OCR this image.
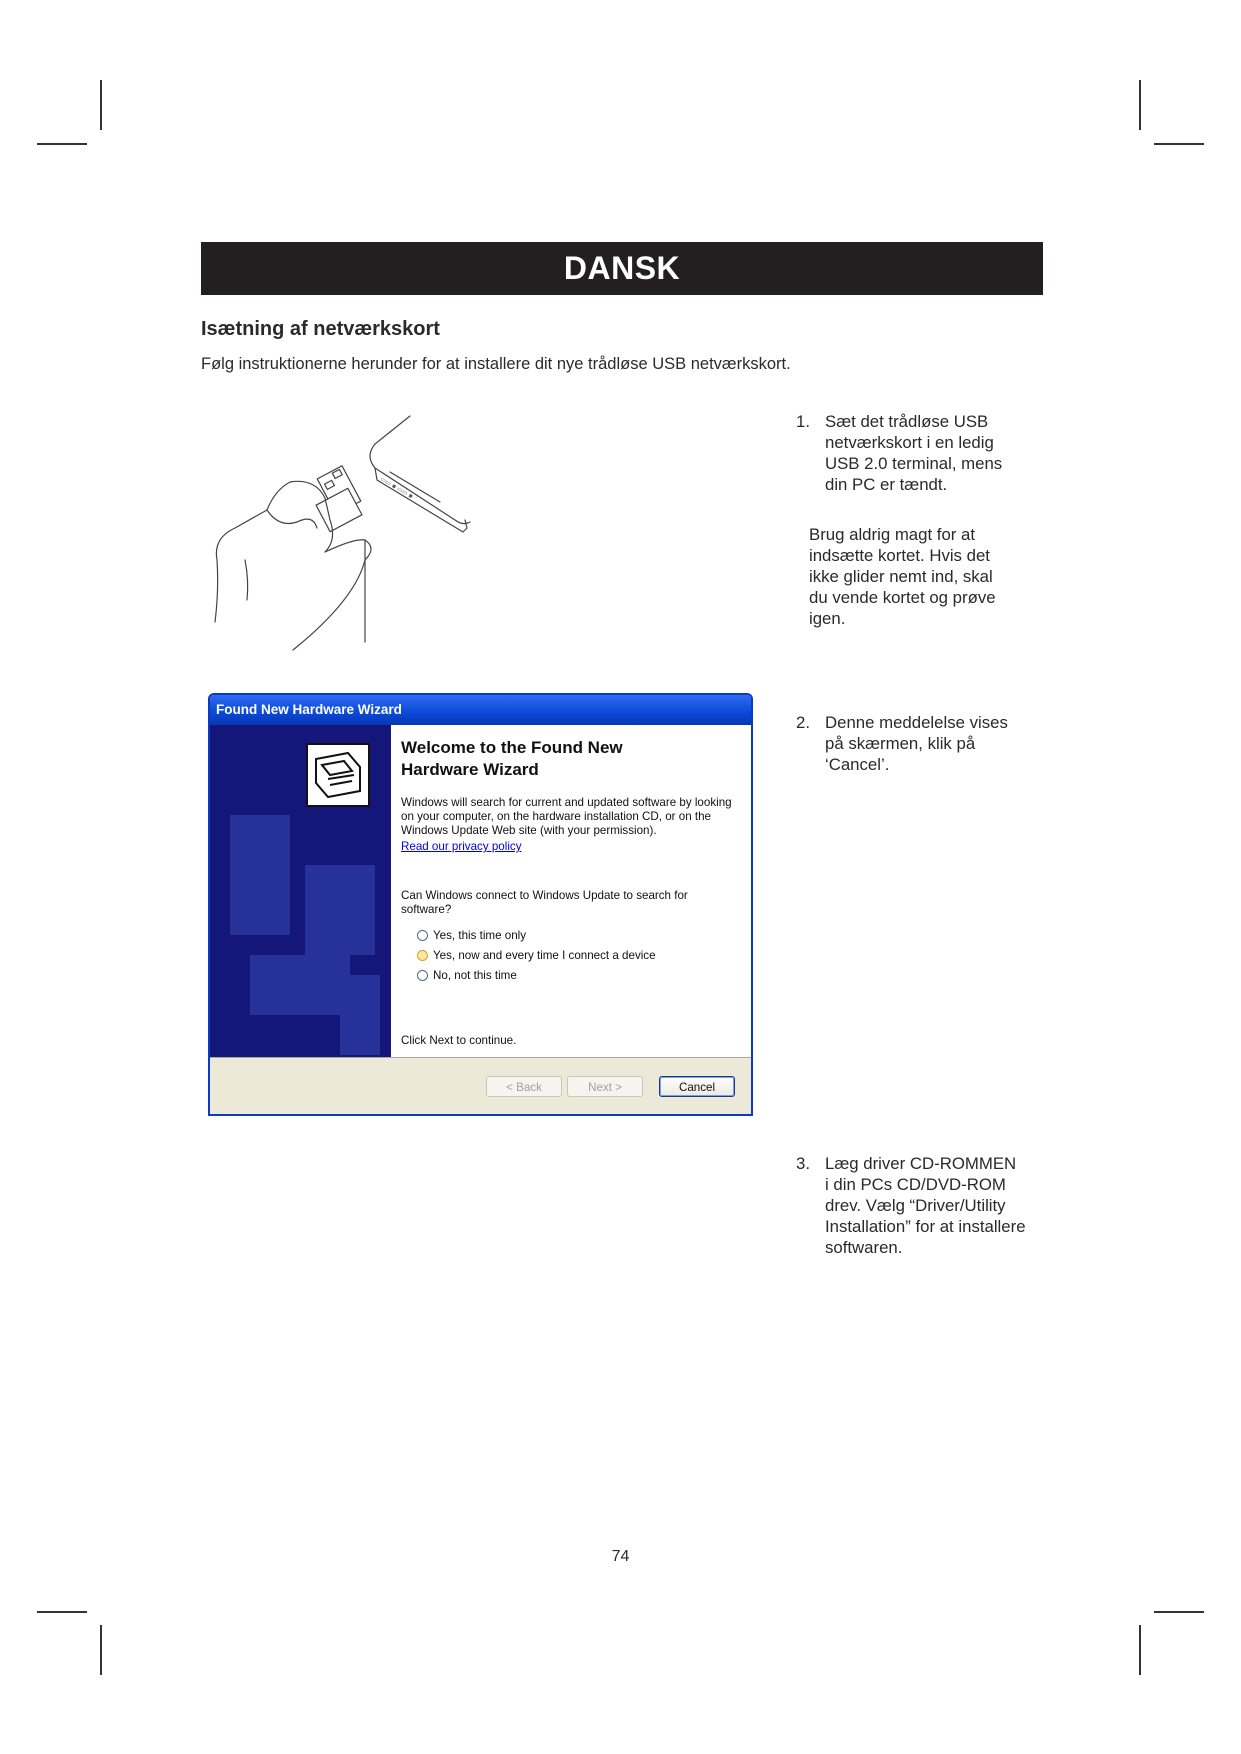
DANSK
Isætning af netværkskort
Følg instruktionerne herunder for at installere dit nye trådløse USB netværkskort.
▭▭ ▪ ▭▭ ▪
1. Sæt det trådløse USB
netværkskort i en ledig
USB 2.0 terminal, mens
din PC er tændt.
Brug aldrig magt for at
indsætte kortet. Hvis det
ikke glider nemt ind, skal
du vende kortet og prøve
igen.
2. Denne meddelelse vises
på skærmen, klik på
‘Cancel’.
3. Læg driver CD-ROMMEN
i din PCs CD/DVD-ROM
drev. Vælg “Driver/Utility
Installation” for at installere
softwaren.
Found New Hardware Wizard
Welcome to the Found New
Hardware Wizard
Windows will search for current and updated software by looking on your computer, on the hardware installation CD, or on the Windows Update Web site (with your permission).
Read our privacy policy
Can Windows connect to Windows Update to search for software?
Yes, this time only
Yes, now and every time I connect a device
No, not this time
Click Next to continue.
< Back	Next >	Cancel
74
